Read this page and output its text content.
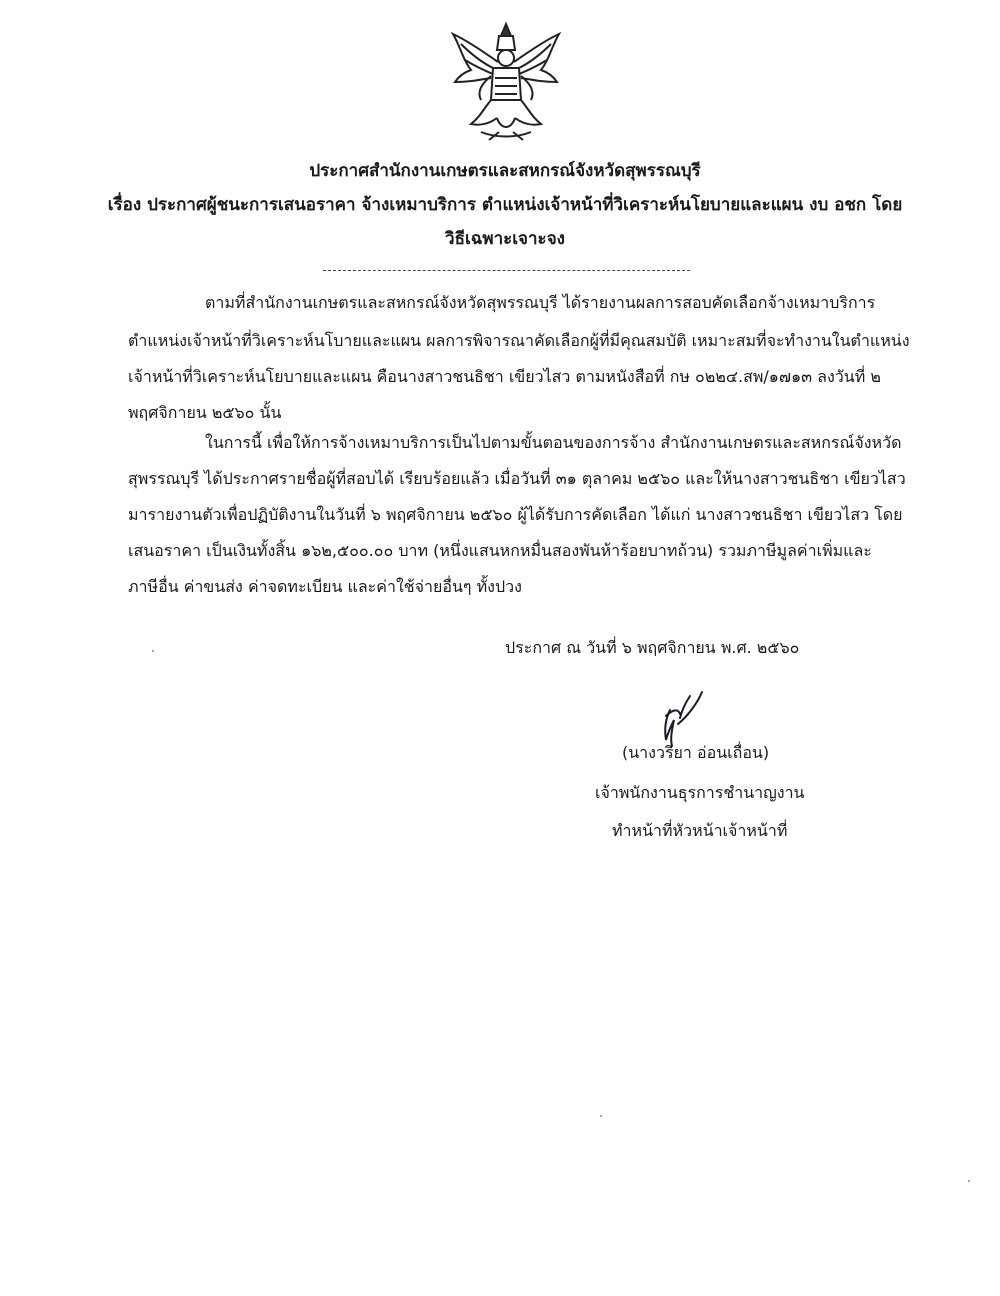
ประกาศสำนักงานเกษตรและสหกรณ์จังหวัดสุพรรณบุรี
เรื่อง ประกาศผู้ชนะการเสนอราคา จ้างเหมาบริการ ตำแหน่งเจ้าหน้าที่วิเคราะห์นโยบายและแผน งบ อชก โดย
วิธีเฉพาะเจาะจง
ตามที่สำนักงานเกษตรและสหกรณ์จังหวัดสุพรรณบุรี ได้รายงานผลการสอบคัดเลือกจ้างเหมาบริการ
ตำแหน่งเจ้าหน้าที่วิเคราะห์นโบายและแผน ผลการพิจารณาคัดเลือกผู้ที่มีคุณสมบัติ เหมาะสมที่จะทำงานในตำแหน่ง
เจ้าหน้าที่วิเคราะห์นโยบายและแผน คือนางสาวชนธิชา เขียวไสว ตามหนังสือที่ กษ ๐๒๒๔.สพ/๑๗๑๓ ลงวันที่ ๒
พฤศจิกายน ๒๕๖๐ นั้น
ในการนี้ เพื่อให้การจ้างเหมาบริการเป็นไปตามขั้นตอนของการจ้าง สำนักงานเกษตรและสหกรณ์จังหวัด
สุพรรณบุรี ได้ประกาศรายชื่อผู้ที่สอบได้ เรียบร้อยแล้ว เมื่อวันที่ ๓๑ ตุลาคม ๒๕๖๐ และให้นางสาวชนธิชา เขียวไสว
มารายงานตัวเพื่อปฏิบัติงานในวันที่ ๖ พฤศจิกายน ๒๕๖๐ ผู้ได้รับการคัดเลือก ได้แก่ นางสาวชนธิชา เขียวไสว โดย
เสนอราคา เป็นเงินทั้งสิ้น ๑๖๒,๕๐๐.๐๐ บาท (หนึ่งแสนหกหมื่นสองพันห้าร้อยบาทถ้วน) รวมภาษีมูลค่าเพิ่มและ
ภาษีอื่น ค่าขนส่ง ค่าจดทะเบียน และค่าใช้จ่ายอื่นๆ ทั้งปวง
ประกาศ ณ วันที่ ๖ พฤศจิกายน พ.ศ. ๒๕๖๐
(นางวรียา อ่อนเถื่อน)
เจ้าพนักงานธุรการชำนาญงาน
ทำหน้าที่หัวหน้าเจ้าหน้าที่
